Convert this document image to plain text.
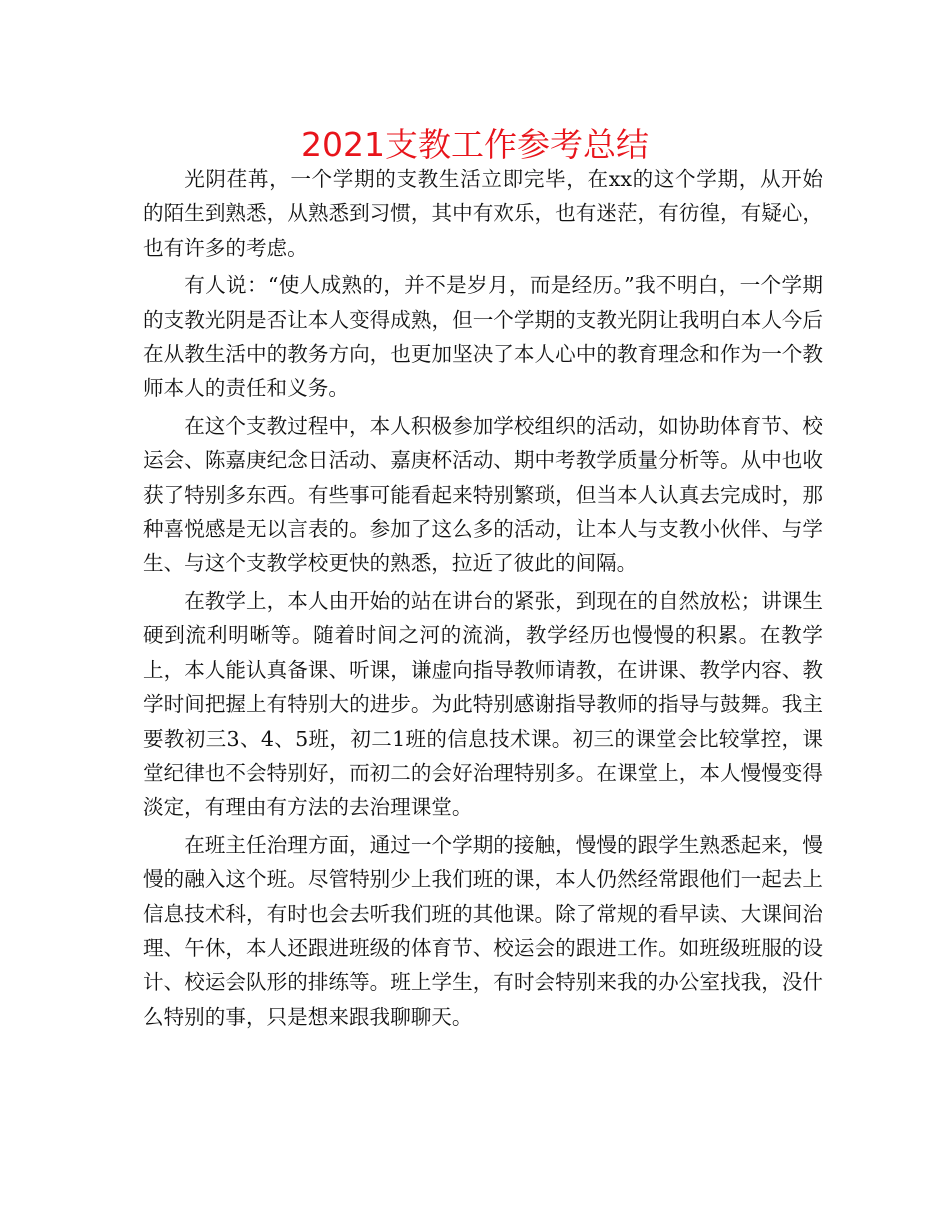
2021支教工作参考总结

光阴荏苒，一个学期的支教生活立即完毕，在xx的这个学期，从开始的陌生到熟悉，从熟悉到习惯，其中有欢乐，也有迷茫，有彷徨，有疑心，也有许多的考虑。

有人说：“使人成熟的，并不是岁月，而是经历。”我不明白，一个学期的支教光阴是否让本人变得成熟，但一个学期的支教光阴让我明白本人今后在从教生活中的教务方向，也更加坚决了本人心中的教育理念和作为一个教师本人的责任和义务。

在这个支教过程中，本人积极参加学校组织的活动，如协助体育节、校运会、陈嘉庚纪念日活动、嘉庚杯活动、期中考教学质量分析等。从中也收获了特别多东西。有些事可能看起来特别繁琐，但当本人认真去完成时，那种喜悦感是无以言表的。参加了这么多的活动，让本人与支教小伙伴、与学生、与这个支教学校更快的熟悉，拉近了彼此的间隔。

在教学上，本人由开始的站在讲台的紧张，到现在的自然放松；讲课生硬到流利明晰等。随着时间之河的流淌，教学经历也慢慢的积累。在教学上，本人能认真备课、听课，谦虚向指导教师请教，在讲课、教学内容、教学时间把握上有特别大的进步。为此特别感谢指导教师的指导与鼓舞。我主要教初三3、4、5班，初二1班的信息技术课。初三的课堂会比较掌控，课堂纪律也不会特别好，而初二的会好治理特别多。在课堂上，本人慢慢变得淡定，有理由有方法的去治理课堂。

在班主任治理方面，通过一个学期的接触，慢慢的跟学生熟悉起来，慢慢的融入这个班。尽管特别少上我们班的课，本人仍然经常跟他们一起去上信息技术科，有时也会去听我们班的其他课。除了常规的看早读、大课间治理、午休，本人还跟进班级的体育节、校运会的跟进工作。如班级班服的设计、校运会队形的排练等。班上学生，有时会特别来我的办公室找我，没什么特别的事，只是想来跟我聊聊天。
